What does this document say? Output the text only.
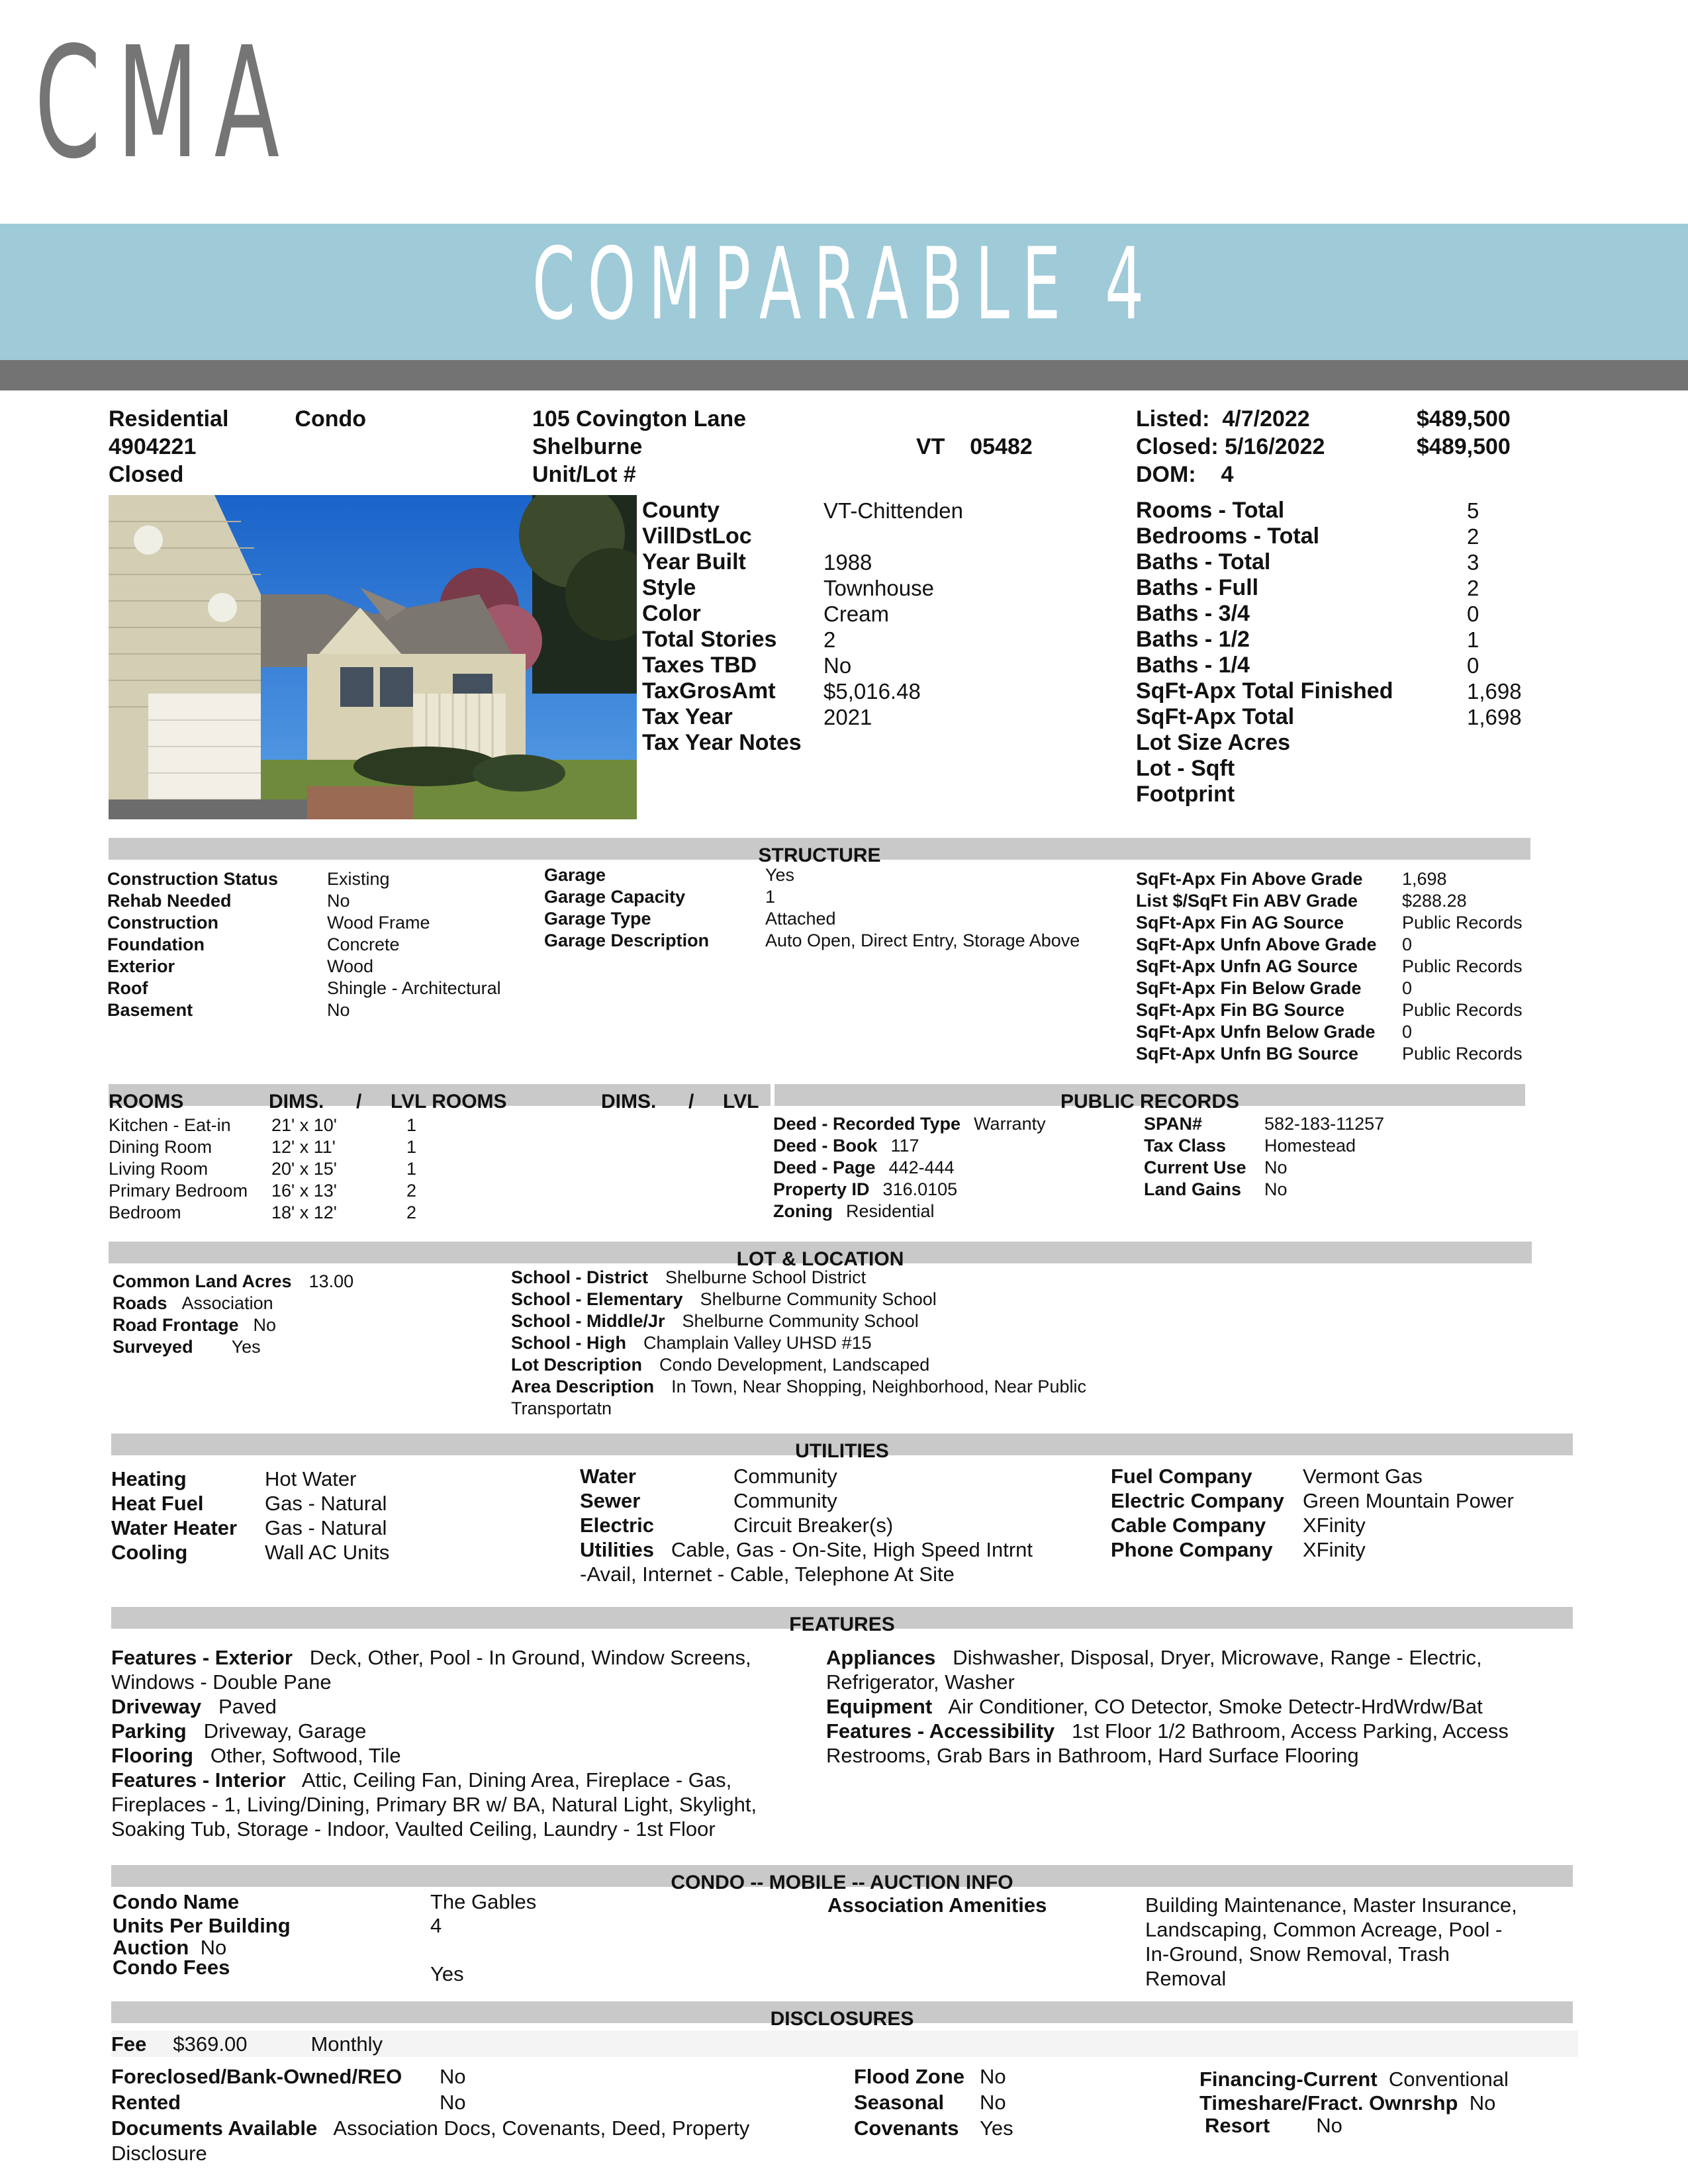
CMA
COMPARABLE 4
Residential	Condo
4904221
Closed
105 Covington Lane
Shelburne
Unit/Lot #
VT 05482
Listed: 4/7/2022
Closed: 5/16/2022
DOM: 4
$489,500
$489,500
County	VT-Chittenden
VillDstLoc	
Year Built	1988
Style	Townhouse
Color	Cream
Total Stories	2
Taxes TBD	No
TaxGrosAmt	$5,016.48
Tax Year	2021
Tax Year Notes	
Rooms - Total	5
Bedrooms - Total	2
Baths - Total	3
Baths - Full	2
Baths - 3/4	0
Baths - 1/2	1
Baths - 1/4	0
SqFt-Apx Total Finished	1,698
SqFt-Apx Total	1,698
Lot Size Acres	
Lot - Sqft	
Footprint	
STRUCTURE
Construction Status	Existing
Rehab Needed	No
Construction	Wood Frame
Foundation	Concrete
Exterior	Wood
Roof	Shingle - Architectural
Basement	No
Garage	Yes
Garage Capacity	1
Garage Type	Attached
Garage Description	Auto Open, Direct Entry, Storage Above
SqFt-Apx Fin Above Grade	1,698
List $/SqFt Fin ABV Grade	$288.28
SqFt-Apx Fin AG Source	Public Records
SqFt-Apx Unfn Above Grade	0
SqFt-Apx Unfn AG Source	Public Records
SqFt-Apx Fin Below Grade	0
SqFt-Apx Fin BG Source	Public Records
SqFt-Apx Unfn Below Grade	0
SqFt-Apx Unfn BG Source	Public Records
ROOMS	DIMS. / LVL ROOMS	DIMS. / LVL	PUBLIC RECORDS
Kitchen - Eat-in	21' x 10'	1
Dining Room	12' x 11'	1
Living Room	20' x 15'	1
Primary Bedroom	16' x 13'	2
Bedroom	18' x 12'	2
Deed - Recorded Type	Warranty
Deed - Book	117
Deed - Page	442-444
Property ID	316.0105
Zoning	Residential
SPAN#	582-183-11257
Tax Class	Homestead
Current Use	No
Land Gains	No
LOT & LOCATION
Common Land Acres	13.00
Roads	Association
Road Frontage	No
Surveyed	Yes
School - District	Shelburne School District
School - Elementary	Shelburne Community School
School - Middle/Jr	Shelburne Community School
School - High	Champlain Valley UHSD #15
Lot Description	Condo Development, Landscaped
Area Description	In Town, Near Shopping, Neighborhood, Near Public
Transportatn
UTILITIES
Heating	Hot Water
Heat Fuel	Gas - Natural
Water Heater	Gas - Natural
Cooling	Wall AC Units
Water	Community
Sewer	Community
Electric	Circuit Breaker(s)
Utilities Cable, Gas - On-Site, High Speed Intrnt
-Avail, Internet - Cable, Telephone At Site
Fuel Company	Vermont Gas
Electric Company	Green Mountain Power
Cable Company	XFinity
Phone Company	XFinity
FEATURES
Features - Exterior Deck, Other, Pool - In Ground, Window Screens,
Windows - Double Pane
Driveway Paved
Parking Driveway, Garage
Flooring Other, Softwood, Tile
Features - Interior Attic, Ceiling Fan, Dining Area, Fireplace - Gas,
Fireplaces - 1, Living/Dining, Primary BR w/ BA, Natural Light, Skylight,
Soaking Tub, Storage - Indoor, Vaulted Ceiling, Laundry - 1st Floor
Appliances Dishwasher, Disposal, Dryer, Microwave, Range - Electric,
Refrigerator, Washer
Equipment Air Conditioner, CO Detector, Smoke Detectr-HrdWrdw/Bat
Features - Accessibility 1st Floor 1/2 Bathroom, Access Parking, Access
Restrooms, Grab Bars in Bathroom, Hard Surface Flooring
CONDO -- MOBILE -- AUCTION INFO
Condo Name	The Gables
Units Per Building	4
Auction No
Condo Fees	Yes
Association Amenities	Building Maintenance, Master Insurance,
Landscaping, Common Acreage, Pool -
In-Ground, Snow Removal, Trash
Removal
DISCLOSURES
Fee $369.00	Monthly
Foreclosed/Bank-Owned/REO	No
Rented	No
Documents Available Association Docs, Covenants, Deed, Property
Disclosure
Flood Zone	No
Seasonal	No
Covenants	Yes
Financing-Current Conventional
Timeshare/Fract. Ownrshp No
Resort No
